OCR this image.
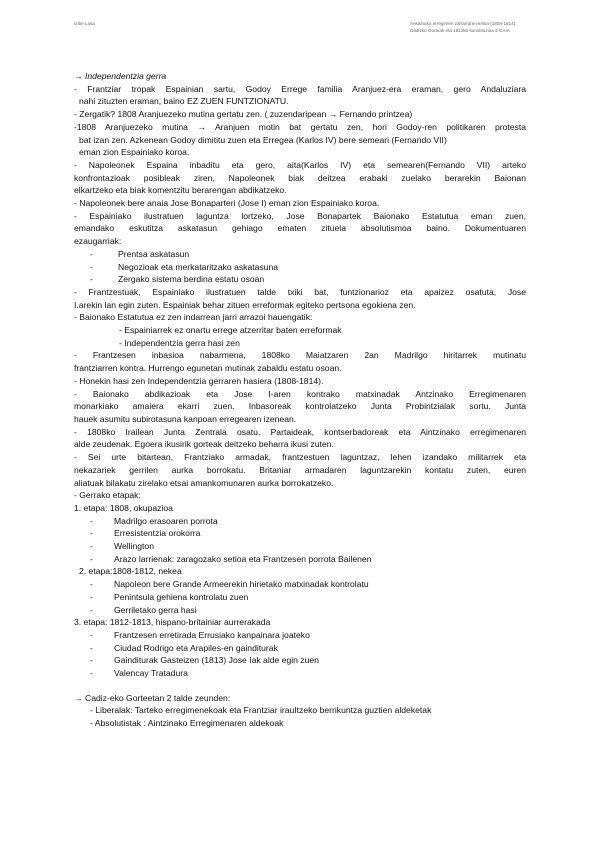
Izibe Lasa	Ansalnako erregimen zaharraren krisia (1808-1814)
Cadizko Gorteak eta 1812ko konstituzioa 1 GAIA
→ Independentzia gerra
- Frantziar tropak Espainian sartu, Godoy Errege familia Aranjuez-era eraman, gero Andaluziara
nahi zituzten eraman, baino EZ ZUEN FUNTZIONATU.
- Zergatik? 1808 Aranjuezeko mutina gertatu zen. ( zuzendaripean → Fernando printzea)
-1808 Aranjuezeko mutina → Aranjuen motin bat gertatu zen, hori Godoy-ren politikaren protesta
bat izan zen. Azkenean Godoy dimititu zuen eta Erregea (Karlos IV) bere semeari (Fernando VII)
eman zion Espainiako koroa.
- Napoleonek Espaina inbaditu eta gero, aita(Karlos IV) eta semearen(Fernando VII) arteko
konfrontazioak posibleak ziren, Napoleonek biak deitzea erabaki zuelako berarekin Baionan
elkartzeko eta biak komentzitu berarengan abdikatzeko.
- Napoleonek bere anaia Jose Bonaparteri (Jose I) eman zion Espainiako koroa.
- Espainiako ilustratuen laguntza lortzeko, Jose Bonapartek Baionako Estatutua eman zuen,
emandako eskutitza askatasun gehiago ematen zituela absolutismoa baino. Dokumentuaren
ezaugarriak:
-	Prentsa askatasun
-	Negozioak eta merkataritzako askatasuna
-	Zergako sistema berdina estatu osoan
- Frantzestuak, Espainiako ilustratuen talde txiki bat, funtzionarioz eta apaizez osatuta, Jose
I.arekin lan egin zuten. Espainiak behar zituen erreformak egiteko pertsona egokiena zen.
- Baionako Estatutua ez zen indarrean jarri arrazoi hauengatik:
- Espainiarrek ez onartu errege atzerritar baten erreformak
- Independentzia gerra hasi zen
- Frantzesen inbasioa nabarmena, 1808ko Maiatzaren 2an Madrilgo hiritarrek mutinatu
frantziarren kontra. Hurrengo egunetan mutinak zabaldu estatu osoan.
- Honekin hasi zen Independentzia gerraren hasiera (1808-1814).
- Baionako abdikazioak eta Jose I-aren kontrako matxinadak Antzinako Erregimenaren
monarkiako amaiera ekarri zuen. Inbasoreak kontrolatzeko Junta Probintzialak sortu. Junta
hauek asumitu subirotasuna kanpoan erregearen izenean.
- 1808ko Irailean Junta Zentrala osatu. Partaideak, kontserbadoreak eta Aintzinako erregimenaren
alde zeudenak. Egoera ikusirik gorteak deitzeko beharra ikusi zuten.
- Sei urte bitartean, Frantziako armadak, frantzestuen laguntzaz, lehen izandako militarrek eta
nekazariek gerrilen aurka borrokatu. Britaniar armadaren laguntzarekin kontatu zuten, euren
aliatuak bilakatu zirelako etsai amankomunaren aurka borrokatzeko.
- Gerrako etapak:
1. etapa: 1808, okupazioa
- Madrilgo erasoaren porrota
- Erresistentzia orokorra
- Wellington
- Arazo larrienak: zaragozako setioa eta Frantzesen porrota Bailenen
2. etapa:1808-1812, nekea
- Napoleon bere Grande Armeerekin hirietako matxinadak kontrolatu
- Penintsula gehiena kontrolatu zuen
- Gerriletako gerra hasi
3. etapa: 1812-1813, hispano-britainiar aurrerakada
- Frantzesen erretirada Errusiako kanpainara joateko
- Ciudad Rodrigo eta Arapiles-en gainditurak
- Gainditurak Gasteizen (1813) Jose Iak alde egin zuen
- Valencay Tratadura
→ Cadiz-eko Gorteetan 2 talde zeunden:
- Liberalak: Tarteko erregimenekoak eta Frantziar irauItzeko berrikuntza guztien aldeketak
- Absolutistak : Aintzinako Erregimenaren aldekoak
